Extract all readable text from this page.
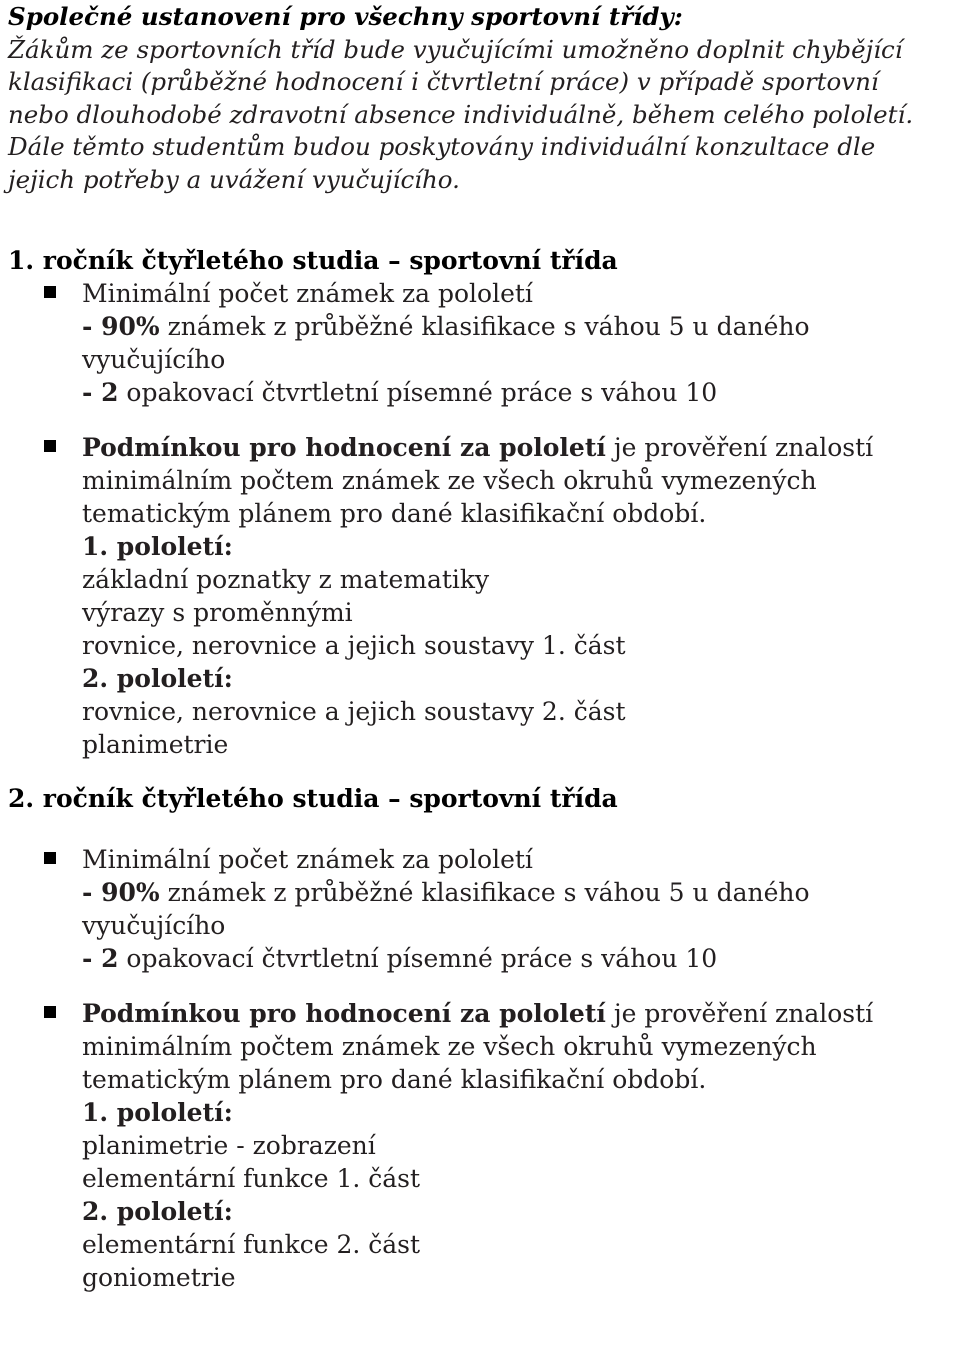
Společné ustanovení pro všechny sportovní třídy:
Žákům ze sportovních tříd bude vyučujícími umožněno doplnit chybějící
klasifikaci (průběžné hodnocení i čtvrtletní práce) v případě sportovní
nebo dlouhodobé zdravotní absence individuálně, během celého pololetí.
Dále těmto studentům budou poskytovány individuální konzultace dle
jejich potřeby a uvážení vyučujícího.

1. ročník čtyřletého studia – sportovní třída

Minimální počet známek za pololetí
- 90% známek z průběžné klasifikace s váhou 5 u daného
vyučujícího
- 2 opakovací čtvrtletní písemné práce s váhou 10
Podmínkou pro hodnocení za pololetí je prověření znalostí
minimálním počtem známek ze všech okruhů vymezených
tematickým plánem pro dané klasifikační období.
1. pololetí:
základní poznatky z matematiky
výrazy s proměnnými
rovnice, nerovnice a jejich soustavy 1. část
2. pololetí:
rovnice, nerovnice a jejich soustavy 2. část
planimetrie

2. ročník čtyřletého studia – sportovní třída

Minimální počet známek za pololetí
- 90% známek z průběžné klasifikace s váhou 5 u daného
vyučujícího
- 2 opakovací čtvrtletní písemné práce s váhou 10
Podmínkou pro hodnocení za pololetí je prověření znalostí
minimálním počtem známek ze všech okruhů vymezených
tematickým plánem pro dané klasifikační období.
1. pololetí:
planimetrie - zobrazení
elementární funkce 1. část
2. pololetí:
elementární funkce 2. část
goniometrie
